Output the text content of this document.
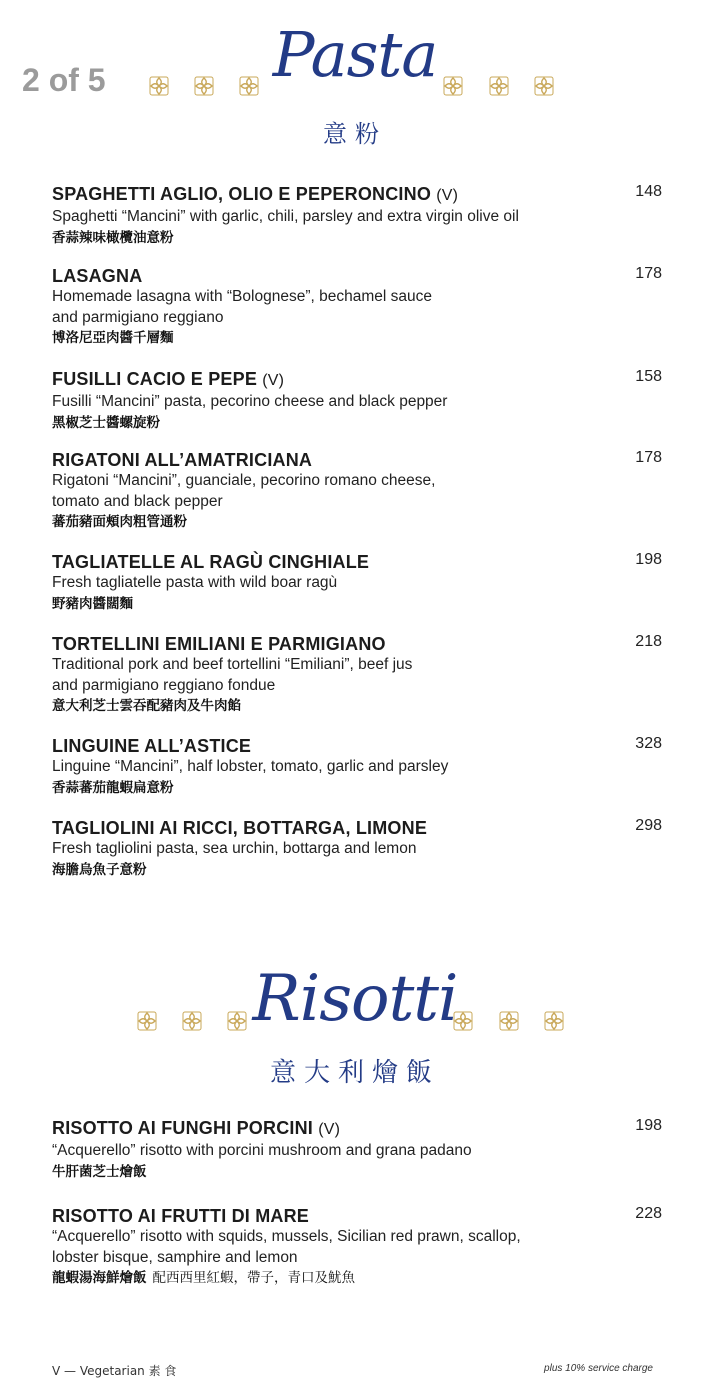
2 of 5	Pasta
意粉
Risotti
意大利燴飯
148
SPAGHETTI AGLIO, OLIO E PEPERONCINO (V)
Spaghetti “Mancini” with garlic, chili, parsley and extra virgin olive oil
香蒜辣味橄欖油意粉
178
LASAGNA
Homemade lasagna with “Bolognese”, bechamel sauce
and parmigiano reggiano
博洛尼亞肉醬千層麵
158
FUSILLI CACIO E PEPE (V)
Fusilli “Mancini” pasta, pecorino cheese and black pepper
黑椒芝士醬螺旋粉
178
RIGATONI ALL’AMATRICIANA
Rigatoni “Mancini”, guanciale, pecorino romano cheese,
tomato and black pepper
蕃茄豬面頰肉粗管通粉
198
TAGLIATELLE AL RAGÙ CINGHIALE
Fresh tagliatelle pasta with wild boar ragù
野豬肉醬闊麵
218
TORTELLINI EMILIANI E PARMIGIANO
Traditional pork and beef tortellini “Emiliani”, beef jus
and parmigiano reggiano fondue
意大利芝士雲吞配豬肉及牛肉餡
328
LINGUINE ALL’ASTICE
Linguine “Mancini”, half lobster, tomato, garlic and parsley
香蒜蕃茄龍蝦扁意粉
298
TAGLIOLINI AI RICCI, BOTTARGA, LIMONE
Fresh tagliolini pasta, sea urchin, bottarga and lemon
海膽烏魚子意粉
198
RISOTTO AI FUNGHI PORCINI (V)
“Acquerello” risotto with porcini mushroom and grana padano
牛肝菌芝士燴飯
228
RISOTTO AI FRUTTI DI MARE
“Acquerello” risotto with squids, mussels, Sicilian red prawn, scallop,
lobster bisque, samphire and lemon
龍蝦湯海鮮燴飯 配西西里紅蝦，帶子，青口及魷魚
V — Vegetarian 素 食	plus 10% service charge
